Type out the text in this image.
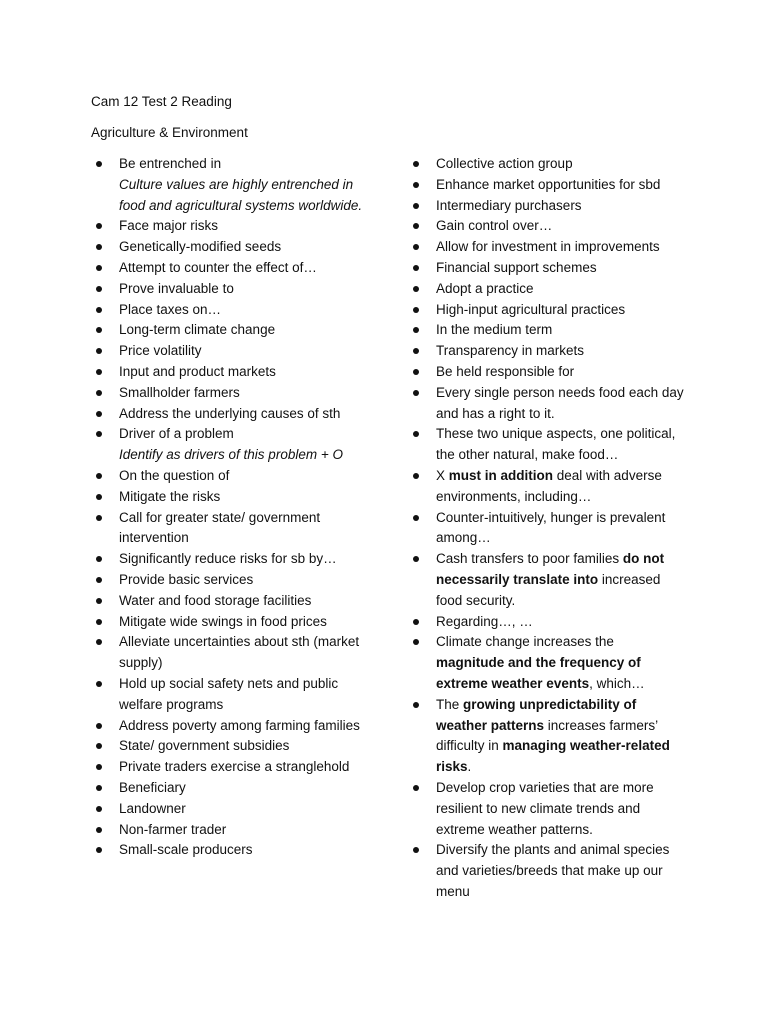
Cam 12 Test 2 Reading
Agriculture & Environment
Be entrenched in
Culture values are highly entrenched in food and agricultural systems worldwide.
Face major risks
Genetically-modified seeds
Attempt to counter the effect of…
Prove invaluable to
Place taxes on…
Long-term climate change
Price volatility
Input and product markets
Smallholder farmers
Address the underlying causes of sth
Driver of a problem
Identify as drivers of this problem + O
On the question of
Mitigate the risks
Call for greater state/ government intervention
Significantly reduce risks for sb by…
Provide basic services
Water and food storage facilities
Mitigate wide swings in food prices
Alleviate uncertainties about sth (market supply)
Hold up social safety nets and public welfare programs
Address poverty among farming families
State/ government subsidies
Private traders exercise a stranglehold
Beneficiary
Landowner
Non-farmer trader
Small-scale producers
Collective action group
Enhance market opportunities for sbd
Intermediary purchasers
Gain control over…
Allow for investment in improvements
Financial support schemes
Adopt a practice
High-input agricultural practices
In the medium term
Transparency in markets
Be held responsible for
Every single person needs food each day and has a right to it.
These two unique aspects, one political, the other natural, make food…
X must in addition deal with adverse environments, including…
Counter-intuitively, hunger is prevalent among…
Cash transfers to poor families do not necessarily translate into increased food security.
Regarding…, …
Climate change increases the magnitude and the frequency of extreme weather events, which…
The growing unpredictability of weather patterns increases farmers’ difficulty in managing weather-related risks.
Develop crop varieties that are more resilient to new climate trends and extreme weather patterns.
Diversify the plants and animal species and varieties/breeds that make up our menu
